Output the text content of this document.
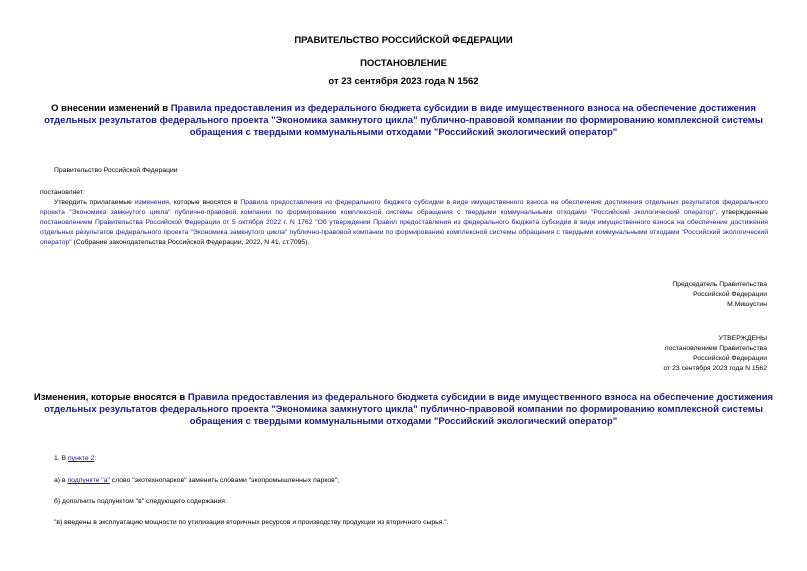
ПРАВИТЕЛЬСТВО РОССИЙСКОЙ ФЕДЕРАЦИИ
ПОСТАНОВЛЕНИЕ
от 23 сентября 2023 года N 1562
О внесении изменений в Правила предоставления из федерального бюджета субсидии в виде имущественного взноса на обеспечение достижения отдельных результатов федерального проекта "Экономика замкнутого цикла" публично-правовой компании по формированию комплексной системы обращения с твердыми коммунальными отходами "Российский экологический оператор"
Правительство Российской Федерации
постановляет:
Утвердить прилагаемые изменения, которые вносятся в Правила предоставления из федерального бюджета субсидии в виде имущественного взноса на обеспечение достижения отдельных результатов федерального проекта "Экономика замкнутого цикла" публично-правовой компании по формированию комплексной системы обращения с твердыми коммунальными отходами "Российский экологический оператор", утвержденные постановлением Правительства Российской Федерации от 5 октября 2022 г. N 1762 "Об утверждении Правил предоставления из федерального бюджета субсидии в виде имущественного взноса на обеспечение достижения отдельных результатов федерального проекта "Экономика замкнутого цикла" публично-правовой компании по формированию комплексной системы обращения с твердыми коммунальными отходами "Российский экологический оператор" (Собрание законодательства Российской Федерации, 2022, N 41, ст.7095).
Председатель Правительства
Российской Федерации
М.Мишустин
УТВЕРЖДЕНЫ
постановлением Правительства
Российской Федерации
от 23 сентября 2023 года N 1562
Изменения, которые вносятся в Правила предоставления из федерального бюджета субсидии в виде имущественного взноса на обеспечение достижения отдельных результатов федерального проекта "Экономика замкнутого цикла" публично-правовой компании по формированию комплексной системы обращения с твердыми коммунальными отходами "Российский экологический оператор"
1. В пункте 2:
а) в подпункте "а" слово "экотехнопарков" заменить словами "экопромышленных парков";
б) дополнить подпунктом "в" следующего содержания:
"в) введены в эксплуатацию мощности по утилизации вторичных ресурсов и производству продукции из вторичного сырья.".
